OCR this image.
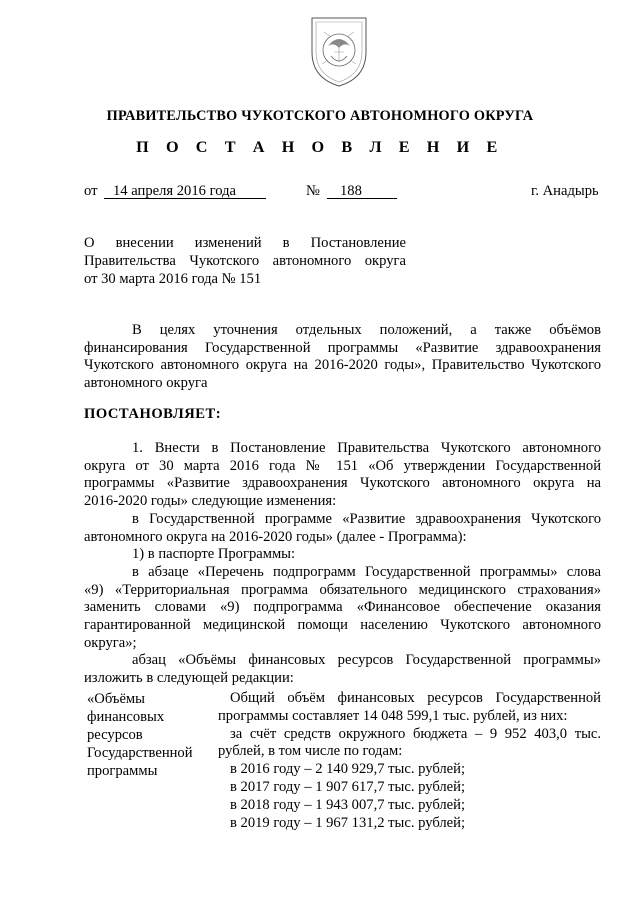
ПРАВИТЕЛЬСТВО ЧУКОТСКОГО АВТОНОМНОГО ОКРУГА
П О С Т А Н О В Л Е Н И Е
от 14 апреля 2016 года	№ 188	г. Анадырь
О внесении изменений в Постановление
Правительства Чукотского автономного округа
от 30 марта 2016 года № 151
В целях уточнения отдельных положений, а также объёмов
финансирования Государственной программы «Развитие здравоохранения
Чукотского автономного округа на 2016-2020 годы», Правительство Чукотского
автономного округа
ПОСТАНОВЛЯЕТ:
1. Внести в Постановление Правительства Чукотского автономного
округа от 30 марта 2016 года № 151 «Об утверждении Государственной
программы «Развитие здравоохранения Чукотского автономного округа на
2016-2020 годы» следующие изменения:
в Государственной программе «Развитие здравоохранения Чукотского
автономного округа на 2016-2020 годы» (далее - Программа):
1) в паспорте Программы:
в абзаце «Перечень подпрограмм Государственной программы» слова
«9) «Территориальная программа обязательного медицинского страхования»
заменить словами «9) подпрограмма «Финансовое обеспечение оказания
гарантированной медицинской помощи населению Чукотского автономного
округа»;
абзац «Объёмы финансовых ресурсов Государственной программы»
изложить в следующей редакции:
«Объёмы
финансовых
ресурсов
Государственной
программы
Общий объём финансовых ресурсов Государственной
программы составляет 14 048 599,1 тыс. рублей, из них:
за счёт средств окружного бюджета – 9 952 403,0 тыс.
рублей, в том числе по годам:
в 2016 году – 2 140 929,7 тыс. рублей;
в 2017 году – 1 907 617,7 тыс. рублей;
в 2018 году – 1 943 007,7 тыс. рублей;
в 2019 году – 1 967 131,2 тыс. рублей;
